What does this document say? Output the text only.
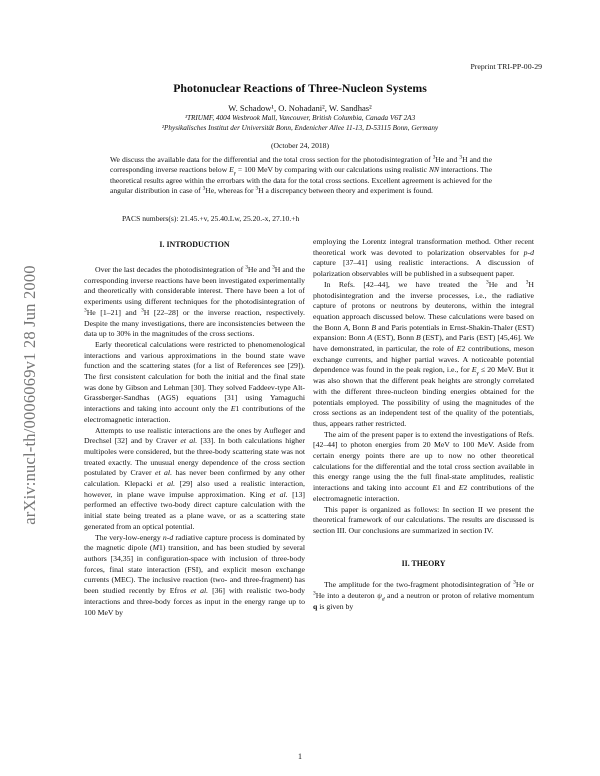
arXiv:nucl-th/0006069v1 28 Jun 2000
Preprint TRI-PP-00-29
Photonuclear Reactions of Three-Nucleon Systems
W. Schadow¹, O. Nohadani², W. Sandhas²
¹TRIUMF, 4004 Wesbrook Mall, Vancouver, British Columbia, Canada V6T 2A3
²Physikalisches Institut der Universität Bonn, Endenicher Allee 11-13, D-53115 Bonn, Germany
(October 24, 2018)
We discuss the available data for the differential and the total cross section for the photodisintegration of $^3$He and $^3$H and the corresponding inverse reactions below $E_\gamma = 100$ MeV by comparing with our calculations using realistic NN interactions. The theoretical results agree within the errorbars with the data for the total cross sections. Excellent agreement is achieved for the angular distribution in case of $^3$He, whereas for $^3$H a discrepancy between theory and experiment is found.
PACS numbers(s): 21.45.+v, 25.40.Lw, 25.20.-x, 27.10.+h
I. INTRODUCTION

Over the last decades the photodisintegration of $^3$He and $^3$H and the corresponding inverse reactions have been investigated experimentally and theoretically with considerable interest. There have been a lot of experiments using different techniques for the photodisintegration of $^3$He [1–21] and $^3$H [22–28] or the inverse reaction, respectively. Despite the many investigations, there are inconsistencies between the data up to 30% in the magnitudes of the cross sections.

Early theoretical calculations were restricted to phenomenological interactions and various approximations in the bound state wave function and the scattering states (for a list of References see [29]). The first consistent calculation for both the initial and the final state was done by Gibson and Lehman [30]. They solved Faddeev-type Alt-Grassberger-Sandhas (AGS) equations [31] using Yamaguchi interactions and taking into account only the E1 contributions of the electromagnetic interaction.

Attempts to use realistic interactions are the ones by Aufleger and Drechsel [32] and by Craver et al. [33]. In both calculations higher multipoles were considered, but the three-body scattering state was not treated exactly. The unusual energy dependence of the cross section postulated by Craver et al. has never been confirmed by any other calculation. Klepacki et al. [29] also used a realistic interaction, however, in plane wave impulse approximation. King et al. [13] performed an effective two-body direct capture calculation with the initial state being treated as a plane wave, or as a scattering state generated from an optical potential.

The very-low-energy n-d radiative capture process is dominated by the magnetic dipole (M1) transition, and has been studied by several authors [34,35] in configuration-space with inclusion of three-body forces, final state interaction (FSI), and explicit meson exchange currents (MEC). The inclusive reaction (two- and three-fragment) has been studied recently by Efros et al. [36] with realistic two-body interactions and three-body forces as input in the energy range up to 100 MeV by

employing the Lorentz integral transformation method. Other recent theoretical work was devoted to polarization observables for p-d capture [37–41] using realistic interactions. A discussion of polarization observables will be published in a subsequent paper.

In Refs. [42–44], we have treated the $^3$He and $^3$H photodisintegration and the inverse processes, i.e., the radiative capture of protons or neutrons by deuterons, within the integral equation approach discussed below. These calculations were based on the Bonn A, Bonn B and Paris potentials in Ernst-Shakin-Thaler (EST) expansion: Bonn A (EST), Bonn B (EST), and Paris (EST) [45,46]. We have demonstrated, in particular, the role of E2 contributions, meson exchange currents, and higher partial waves. A noticeable potential dependence was found in the peak region, i.e., for $E_\gamma \le 20$ MeV. But it was also shown that the different peak heights are strongly correlated with the different three-nucleon binding energies obtained for the potentials employed. The possibility of using the magnitudes of the cross sections as an independent test of the quality of the potentials, thus, appears rather restricted.

The aim of the present paper is to extend the investigations of Refs. [42–44] to photon energies from 20 MeV to 100 MeV. Aside from certain energy points there are up to now no other theoretical calculations for the differential and the total cross section available in this energy range using the the full final-state amplitudes, realistic interactions and taking into account E1 and E2 contributions of the electromagnetic interaction.

This paper is organized as follows: In section II we present the theoretical framework of our calculations. The results are discussed is section III. Our conclusions are summarized in section IV.

II. THEORY

The amplitude for the two-fragment photodisintegration of $^3$He or $^3$He into a deuteron $\psi_d$ and a neutron or proton of relative momentum q is given by

1
